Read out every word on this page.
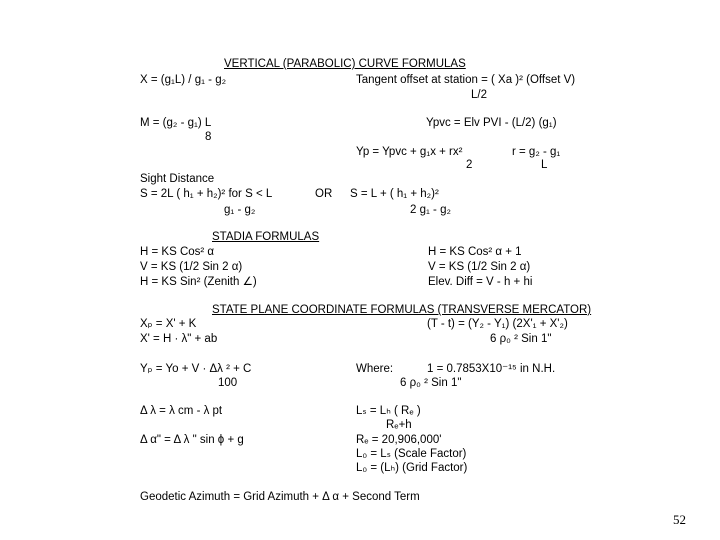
VERTICAL (PARABOLIC) CURVE FORMULAS
X = (g₁L) / g₁ - g₂	Tangent offset at station = ( Xa )² (Offset V)
L/2
M = (g₂ - g₁) L
8
Ypvc = Elv PVI - (L/2) (g₁)
Yp = Ypvc + g₁x + rx²
2
r = g₂ - g₁
L
Sight Distance
S = 2L ( h₁ + h₂)² for S < L
g₁ - g₂
OR S = L + ( h₁ + h₂)²
2 g₁ - g₂
STADIA FORMULAS
H = KS Cos² α
V = KS (1/2 Sin 2 α)
H = KS Sin² (Zenith ∠)
H = KS Cos² α + 1
V = KS (1/2 Sin 2 α)
Elev. Diff = V - h + hi
STATE PLANE COORDINATE FORMULAS (TRANSVERSE MERCATOR)
Xₚ = X' + K	(T - t) = (Y₂ - Y₁) (2X'₁ + X'₂)
X' = H · λ" + ab	6 ρ₀ ² Sin 1"
Yₚ = Yo + V · Δλ ² + C
100
Where:	1 = 0.7853X10⁻¹⁵ in N.H.
6 ρ₀ ² Sin 1"
Δ λ = λ cm - λ pt	Lₛ = Lₕ ( Rₑ )
Rₑ+h
Δ α" = Δ λ " sin ϕ + g	Rₑ = 20,906,000'
L₀ = Lₛ (Scale Factor)
L₀ = (Lₕ) (Grid Factor)
Geodetic Azimuth = Grid Azimuth + Δ α + Second Term
52
